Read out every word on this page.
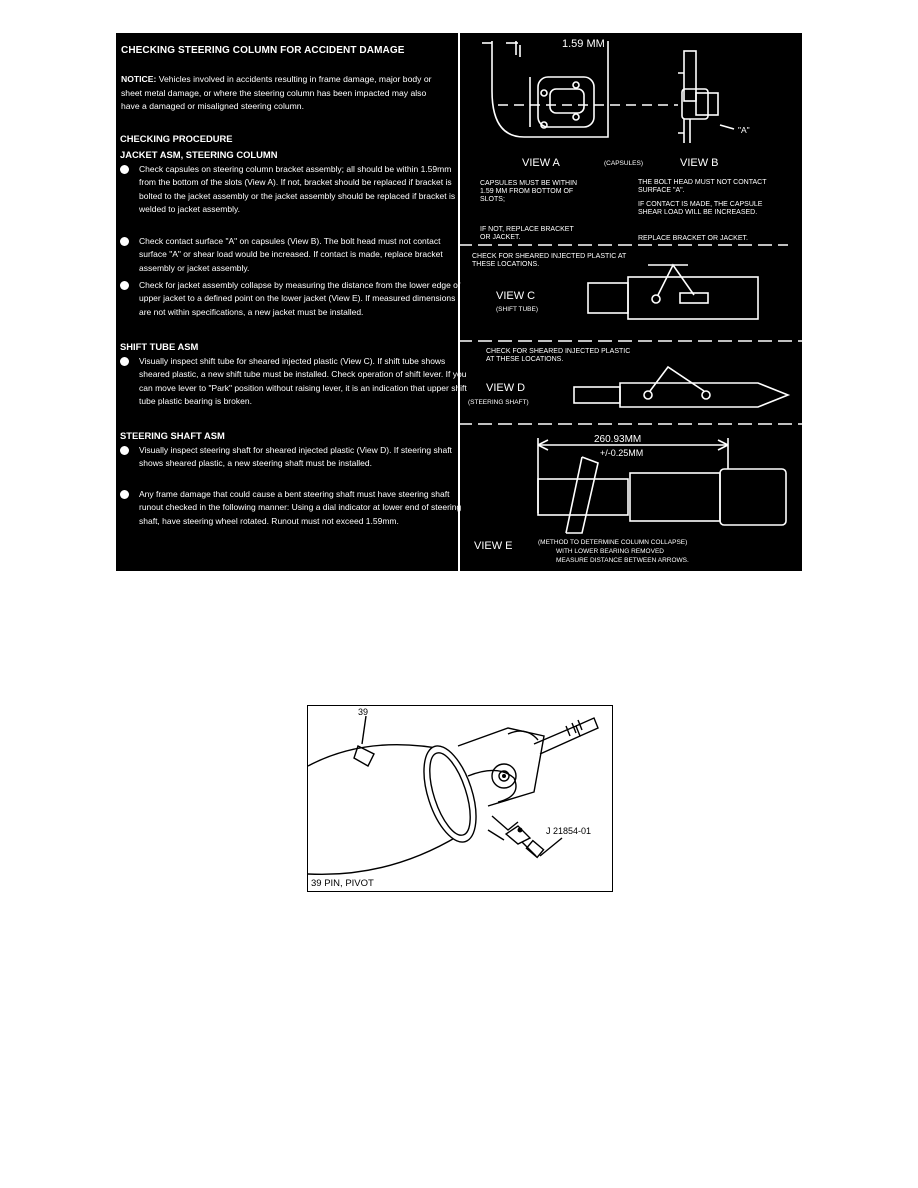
CHECKING STEERING COLUMN FOR ACCIDENT DAMAGE
NOTICE: Vehicles involved in accidents resulting in frame damage, major body or sheet metal damage, or where the steering column has been impacted may also have a damaged or misaligned steering column.
CHECKING PROCEDURE
JACKET ASM, STEERING COLUMN
Check capsules on steering column bracket assembly; all should be within 1.59mm from the bottom of the slots (View A). If not, bracket should be replaced if bracket is bolted to the jacket assembly or the jacket assembly should be replaced if bracket is welded to jacket assembly.
Check contact surface "A" on capsules (View B). The bolt head must not contact surface "A" or shear load would be increased. If contact is made, replace bracket assembly or jacket assembly.
Check for jacket assembly collapse by measuring the distance from the lower edge of upper jacket to a defined point on the lower jacket (View E). If measured dimensions are not within specifications, a new jacket must be installed.
SHIFT TUBE ASM
Visually inspect shift tube for sheared injected plastic (View C). If shift tube shows sheared plastic, a new shift tube must be installed. Check operation of shift lever. If you can move lever to "Park" position without raising lever, it is an indication that upper shift tube plastic bearing is broken.
STEERING SHAFT ASM
Visually inspect steering shaft for sheared injected plastic (View D). If steering shaft shows sheared plastic, a new steering shaft must be installed.
Any frame damage that could cause a bent steering shaft must have steering shaft runout checked in the following manner: Using a dial indicator at lower end of steering shaft, have steering wheel rotated. Runout must not exceed 1.59mm.
1.59 MM
"A"
VIEW A	(CAPSULES)	VIEW B
CAPSULES MUST BE WITHIN 1.59 MM FROM BOTTOM OF SLOTS;
IF NOT, REPLACE BRACKET OR JACKET.
THE BOLT HEAD MUST NOT CONTACT SURFACE "A".
IF CONTACT IS MADE, THE CAPSULE SHEAR LOAD WILL BE INCREASED.
REPLACE BRACKET OR JACKET.
CHECK FOR SHEARED INJECTED PLASTIC AT THESE LOCATIONS.
VIEW C
(SHIFT TUBE)
CHECK FOR SHEARED INJECTED PLASTIC AT THESE LOCATIONS.
VIEW D
(STEERING SHAFT)
260.93MM
+/-0.25MM
VIEW E	(METHOD TO DETERMINE COLUMN COLLAPSE)
WITH LOWER BEARING REMOVED
MEASURE DISTANCE BETWEEN ARROWS.
39
J 21854-01
39 PIN, PIVOT
